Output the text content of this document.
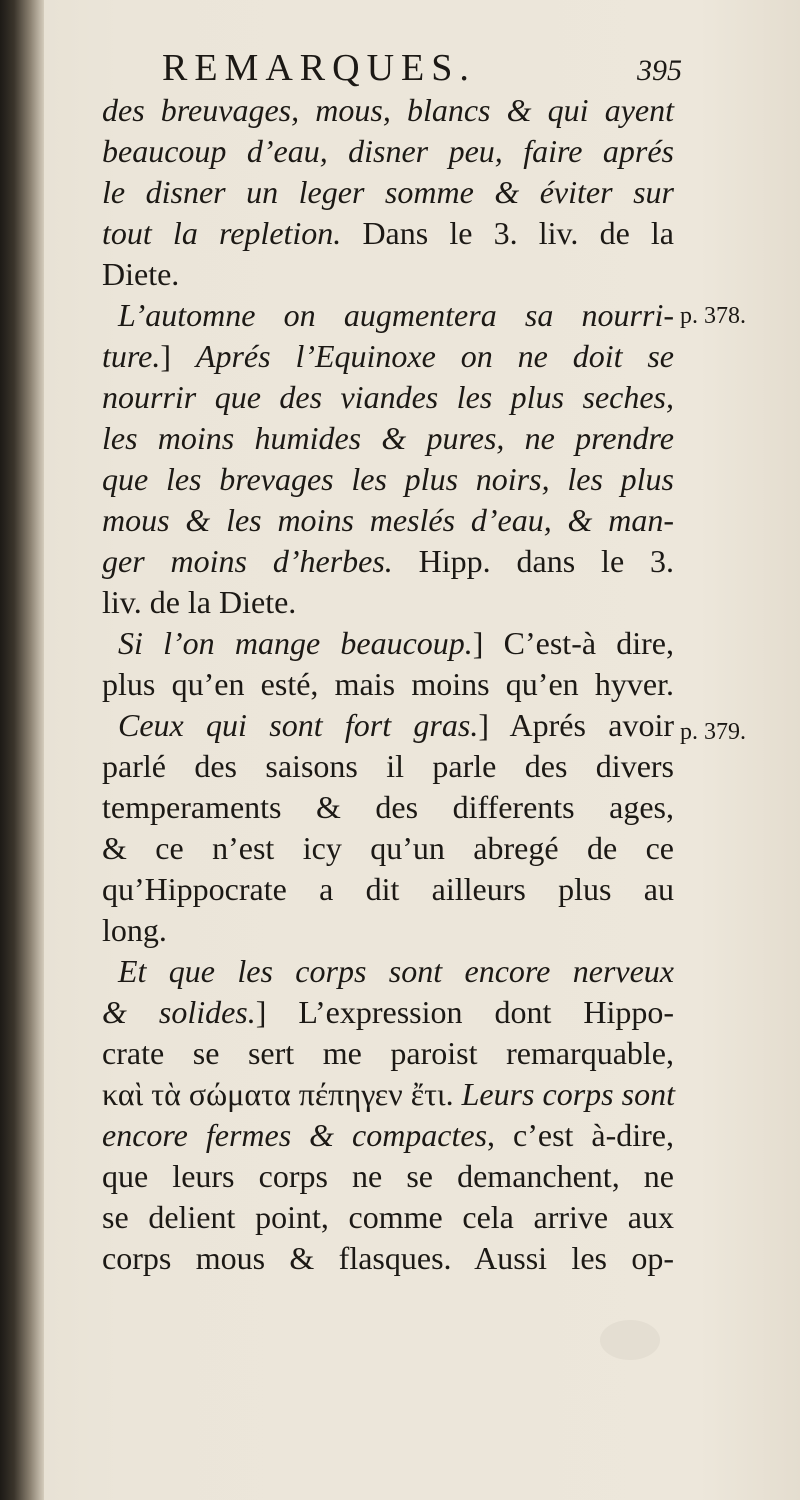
REMARQUES.	395
des breuvages, mous, blancs & qui ayent
beaucoup d’eau, disner peu, faire aprés
le disner un leger somme & éviter sur
tout la repletion. Dans le 3. liv. de la
Diete.
L’automne on augmentera sa nourri-
ture.] Aprés l’Equinoxe on ne doit se
nourrir que des viandes les plus seches,
les moins humides & pures, ne prendre
que les brevages les plus noirs, les plus
mous & les moins meslés d’eau, & man-
ger moins d’herbes. Hipp. dans le 3.
liv. de la Diete.
Si l’on mange beaucoup.] C’est-à dire,
plus qu’en esté, mais moins qu’en hyver.
Ceux qui sont fort gras.] Aprés avoir
parlé des saisons il parle des divers
temperaments & des differents ages,
& ce n’est icy qu’un abregé de ce
qu’Hippocrate a dit ailleurs plus au
long.
Et que les corps sont encore nerveux
& solides.] L’expression dont Hippo-
crate se sert me paroist remarquable,
καὶ τὰ σώματα πέπηγεν ἔτι. Leurs corps sont
encore fermes & compactes, c’est à-dire,
que leurs corps ne se demanchent, ne
se delient point, comme cela arrive aux
corps mous & flasques. Aussi les op-
p. 378.
p. 379.
